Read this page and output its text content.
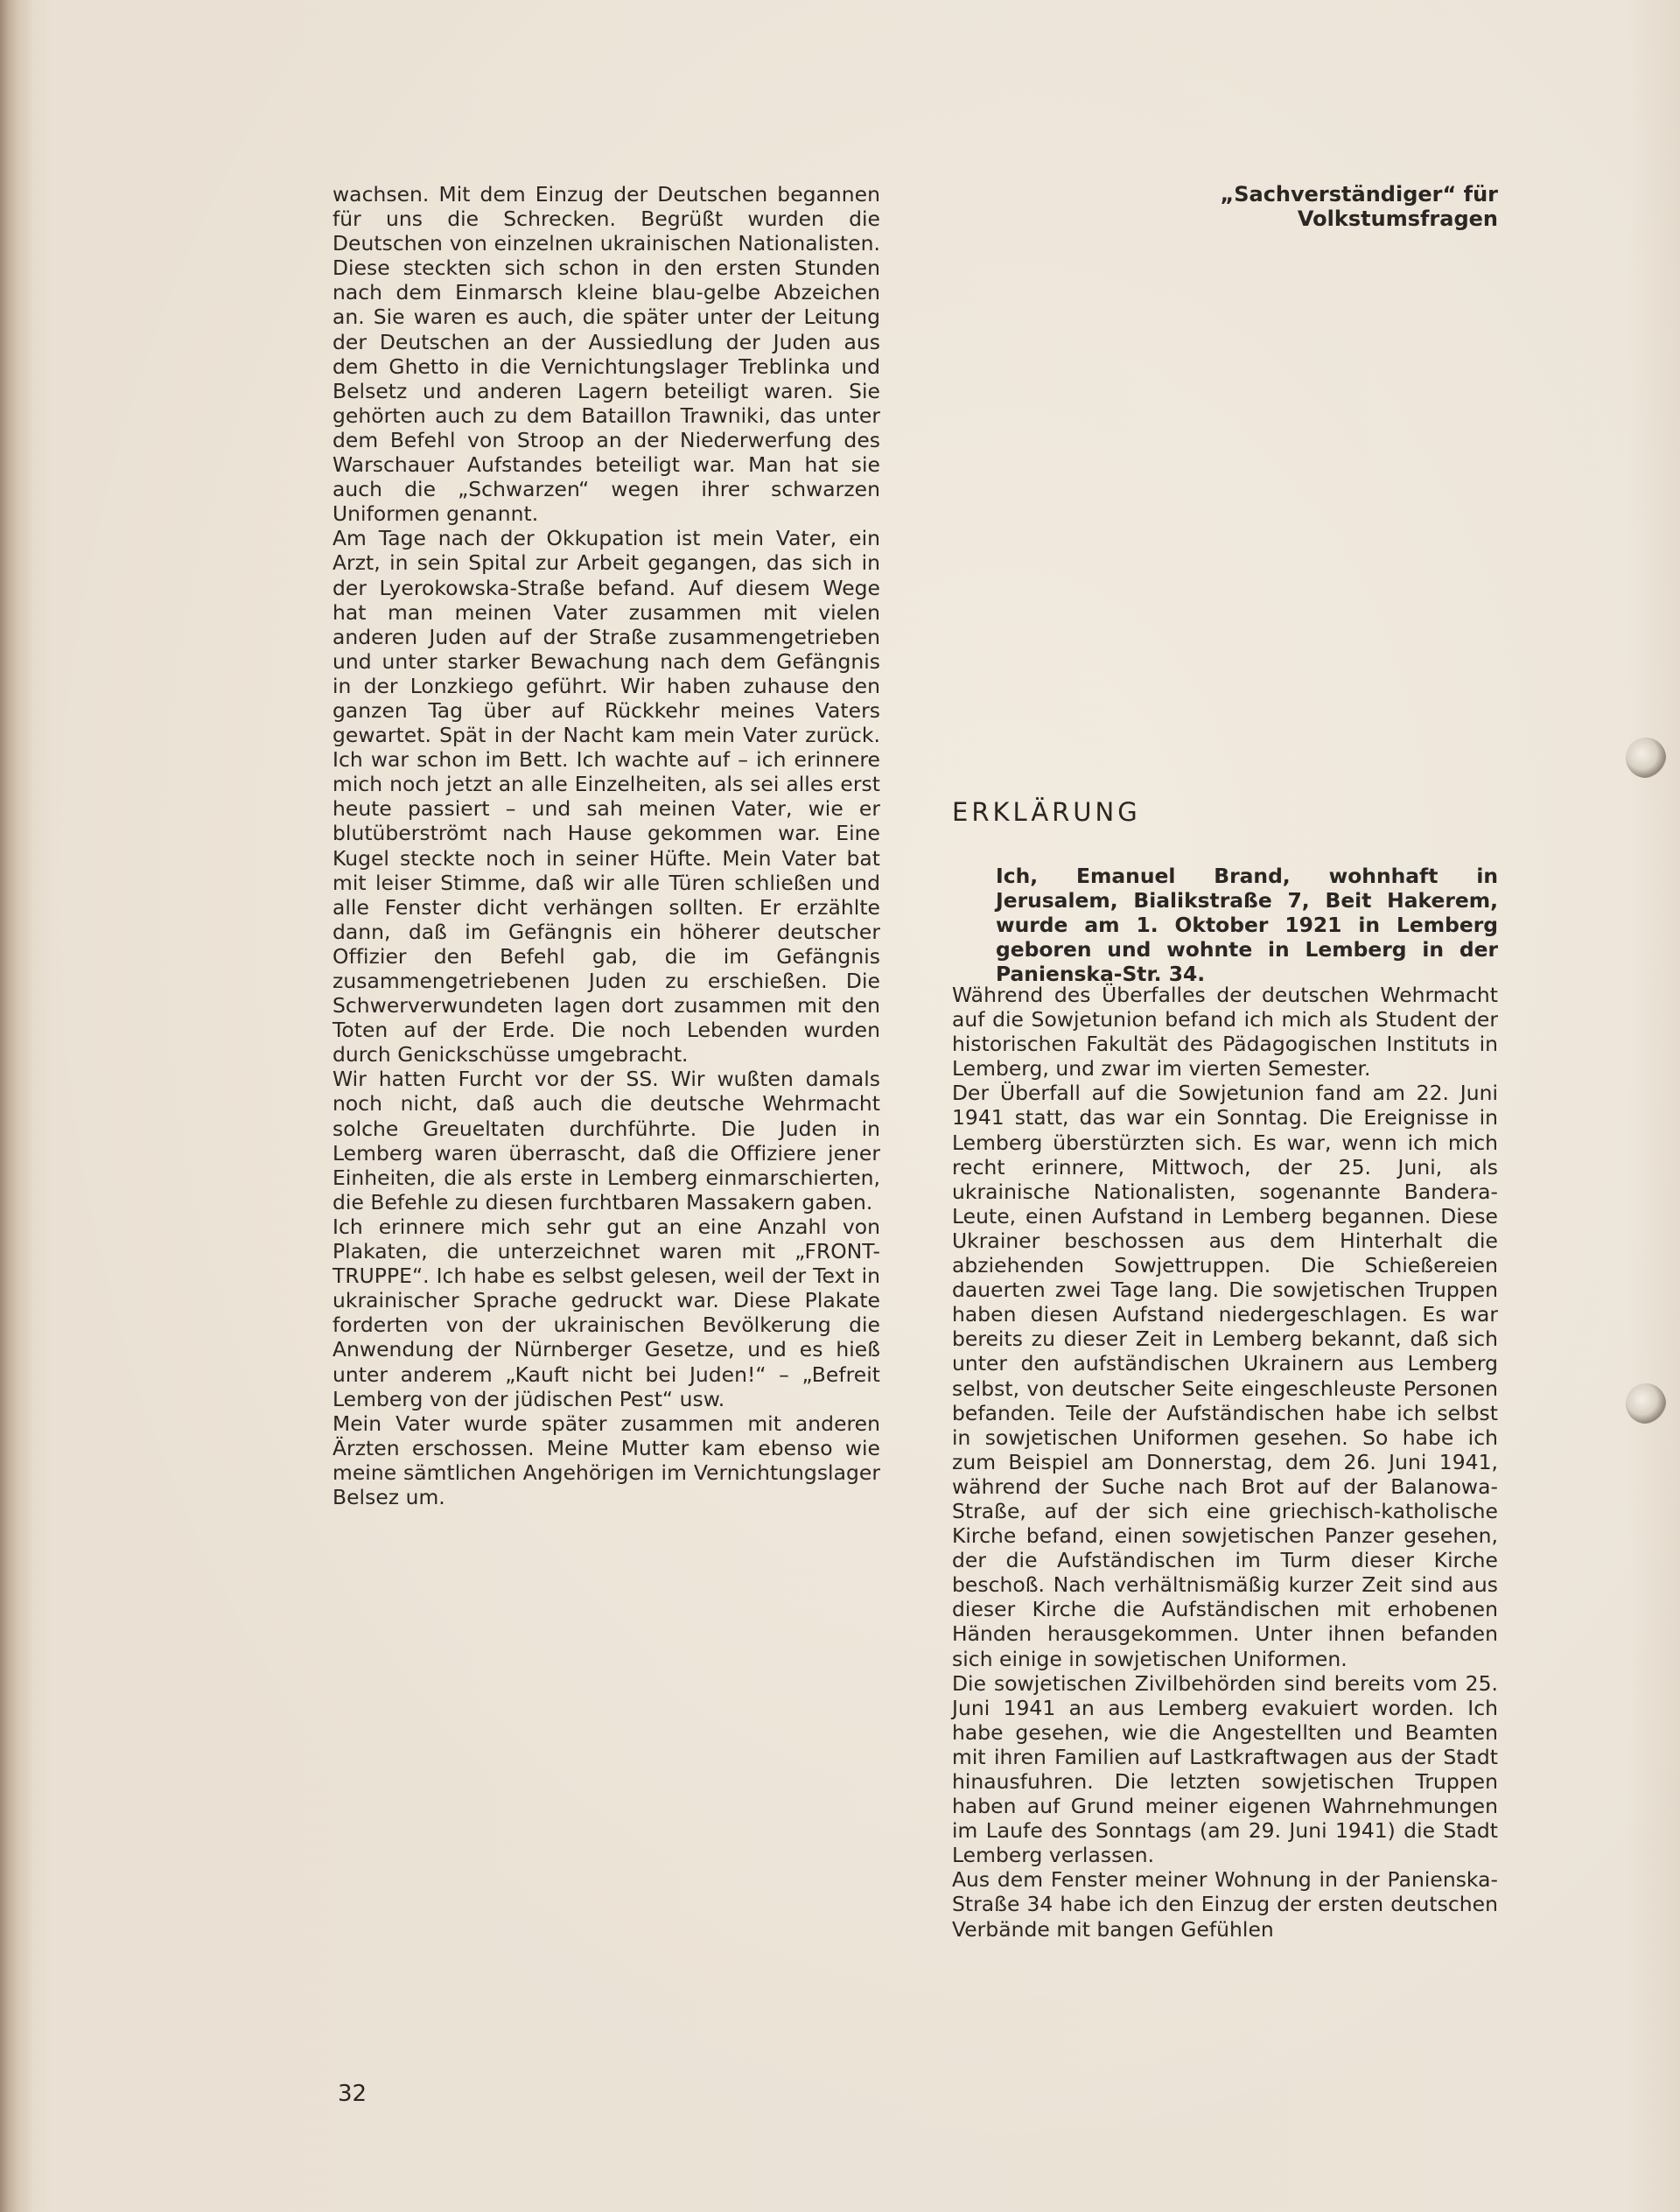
„Sachverständiger“ für Volkstumsfragen

wachsen. Mit dem Einzug der Deutschen begannen für uns die Schrecken. Begrüßt wurden die Deutschen von einzelnen ukrainischen Nationalisten. Diese steckten sich schon in den ersten Stunden nach dem Einmarsch kleine blau-gelbe Abzeichen an. Sie waren es auch, die später unter der Leitung der Deutschen an der Aussiedlung der Juden aus dem Ghetto in die Vernichtungslager Treblinka und Belsetz und anderen Lagern beteiligt waren. Sie gehörten auch zu dem Bataillon Trawniki, das unter dem Befehl von Stroop an der Niederwerfung des Warschauer Aufstandes beteiligt war. Man hat sie auch die „Schwarzen“ wegen ihrer schwarzen Uniformen genannt.

Am Tage nach der Okkupation ist mein Vater, ein Arzt, in sein Spital zur Arbeit gegangen, das sich in der Lyerokowska-Straße befand. Auf diesem Wege hat man meinen Vater zusammen mit vielen anderen Juden auf der Straße zusammengetrieben und unter starker Bewachung nach dem Gefängnis in der Lonzkiego geführt. Wir haben zuhause den ganzen Tag über auf Rückkehr meines Vaters gewartet. Spät in der Nacht kam mein Vater zurück. Ich war schon im Bett. Ich wachte auf – ich erinnere mich noch jetzt an alle Einzelheiten, als sei alles erst heute passiert – und sah meinen Vater, wie er blutüberströmt nach Hause gekommen war. Eine Kugel steckte noch in seiner Hüfte. Mein Vater bat mit leiser Stimme, daß wir alle Türen schließen und alle Fenster dicht verhängen sollten. Er erzählte dann, daß im Gefängnis ein höherer deutscher Offizier den Befehl gab, die im Gefängnis zusammengetriebenen Juden zu erschießen. Die Schwerverwundeten lagen dort zusammen mit den Toten auf der Erde. Die noch Lebenden wurden durch Genickschüsse umgebracht.

Wir hatten Furcht vor der SS. Wir wußten damals noch nicht, daß auch die deutsche Wehrmacht solche Greueltaten durchführte. Die Juden in Lemberg waren überrascht, daß die Offiziere jener Einheiten, die als erste in Lemberg einmarschierten, die Befehle zu diesen furchtbaren Massakern gaben.

Ich erinnere mich sehr gut an eine Anzahl von Plakaten, die unterzeichnet waren mit „FRONT-TRUPPE“. Ich habe es selbst gelesen, weil der Text in ukrainischer Sprache gedruckt war. Diese Plakate forderten von der ukrainischen Bevölkerung die Anwendung der Nürnberger Gesetze, und es hieß unter anderem „Kauft nicht bei Juden!“ – „Befreit Lemberg von der jüdischen Pest“ usw.

Mein Vater wurde später zusammen mit anderen Ärzten erschossen. Meine Mutter kam ebenso wie meine sämtlichen Angehörigen im Vernichtungslager Belsez um.

ERKLÄRUNG
Ich, Emanuel Brand, wohnhaft in Jerusalem, Bialikstraße 7, Beit Hakerem, wurde am 1. Oktober 1921 in Lemberg geboren und wohnte in Lemberg in der Panienska-Str. 34.

Während des Überfalles der deutschen Wehrmacht auf die Sowjetunion befand ich mich als Student der historischen Fakultät des Pädagogischen Instituts in Lemberg, und zwar im vierten Semester.

Der Überfall auf die Sowjetunion fand am 22. Juni 1941 statt, das war ein Sonntag. Die Ereignisse in Lemberg überstürzten sich. Es war, wenn ich mich recht erinnere, Mittwoch, der 25. Juni, als ukrainische Nationalisten, sogenannte Bandera-Leute, einen Aufstand in Lemberg begannen. Diese Ukrainer beschossen aus dem Hinterhalt die abziehenden Sowjettruppen. Die Schießereien dauerten zwei Tage lang. Die sowjetischen Truppen haben diesen Aufstand niedergeschlagen. Es war bereits zu dieser Zeit in Lemberg bekannt, daß sich unter den aufständischen Ukrainern aus Lemberg selbst, von deutscher Seite eingeschleuste Personen befanden. Teile der Aufständischen habe ich selbst in sowjetischen Uniformen gesehen. So habe ich zum Beispiel am Donnerstag, dem 26. Juni 1941, während der Suche nach Brot auf der Balanowa-Straße, auf der sich eine griechisch-katholische Kirche befand, einen sowjetischen Panzer gesehen, der die Aufständischen im Turm dieser Kirche beschoß. Nach verhältnismäßig kurzer Zeit sind aus dieser Kirche die Aufständischen mit erhobenen Händen herausgekommen. Unter ihnen befanden sich einige in sowjetischen Uniformen.

Die sowjetischen Zivilbehörden sind bereits vom 25. Juni 1941 an aus Lemberg evakuiert worden. Ich habe gesehen, wie die Angestellten und Beamten mit ihren Familien auf Lastkraftwagen aus der Stadt hinausfuhren. Die letzten sowjetischen Truppen haben auf Grund meiner eigenen Wahrnehmungen im Laufe des Sonntags (am 29. Juni 1941) die Stadt Lemberg verlassen.

Aus dem Fenster meiner Wohnung in der Panienska-Straße 34 habe ich den Einzug der ersten deutschen Verbände mit bangen Gefühlen

32
